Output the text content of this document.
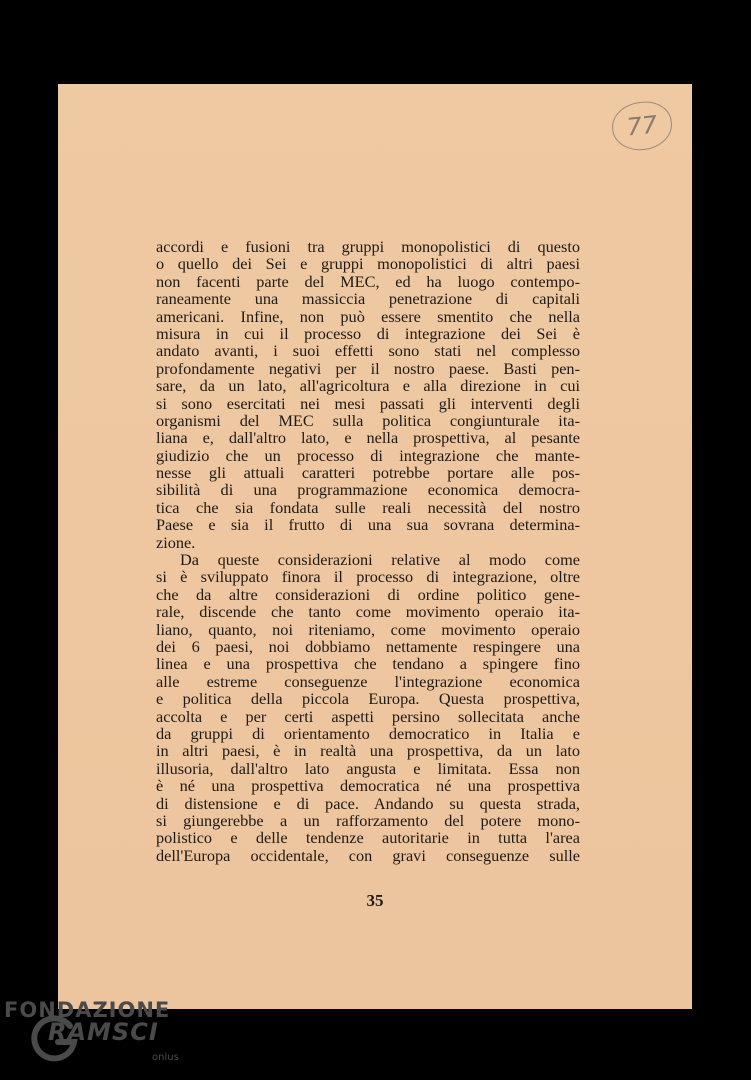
77
accordi e fusioni tra gruppi monopolistici di questo
o quello dei Sei e gruppi monopolistici di altri paesi
non facenti parte del MEC, ed ha luogo contempo-
raneamente una massiccia penetrazione di capitali
americani. Infine, non può essere smentito che nella
misura in cui il processo di integrazione dei Sei è
andato avanti, i suoi effetti sono stati nel complesso
profondamente negativi per il nostro paese. Basti pen-
sare, da un lato, all'agricoltura e alla direzione in cui
si sono esercitati nei mesi passati gli interventi degli
organismi del MEC sulla politica congiunturale ita-
liana e, dall'altro lato, e nella prospettiva, al pesante
giudizio che un processo di integrazione che mante-
nesse gli attuali caratteri potrebbe portare alle pos-
sibilità di una programmazione economica democra-
tica che sia fondata sulle reali necessità del nostro
Paese e sia il frutto di una sua sovrana determina-
zione.
Da queste considerazioni relative al modo come
si è sviluppato finora il processo di integrazione, oltre
che da altre considerazioni di ordine politico gene-
rale, discende che tanto come movimento operaio ita-
liano, quanto, noi riteniamo, come movimento operaio
dei 6 paesi, noi dobbiamo nettamente respingere una
linea e una prospettiva che tendano a spingere fino
alle estreme conseguenze l'integrazione economica
e politica della piccola Europa. Questa prospettiva,
accolta e per certi aspetti persino sollecitata anche
da gruppi di orientamento democratico in Italia e
in altri paesi, è in realtà una prospettiva, da un lato
illusoria, dall'altro lato angusta e limitata. Essa non
è né una prospettiva democratica né una prospettiva
di distensione e di pace. Andando su questa strada,
si giungerebbe a un rafforzamento del potere mono-
polistico e delle tendenze autoritarie in tutta l'area
dell'Europa occidentale, con gravi conseguenze sulle
35
FONDAZIONE
RAMSCI
onlus
